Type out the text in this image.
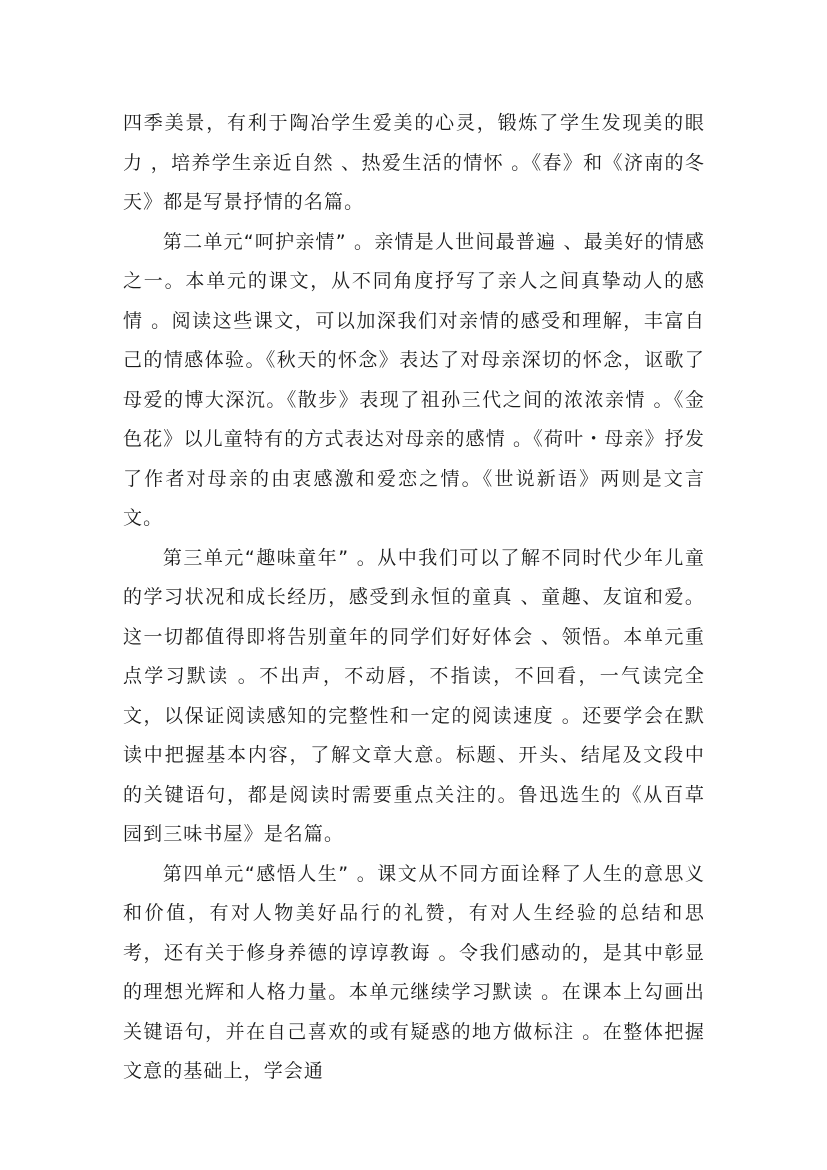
四季美景，有利于陶冶学生爱美的心灵，锻炼了学生发现美的眼力 ，培养学生亲近自然 、热爱生活的情怀 。《春》和《济南的冬天》都是写景抒情的名篇。

第二单元“呵护亲情” 。亲情是人世间最普遍 、最美好的情感之一。本单元的课文，从不同角度抒写了亲人之间真挚动人的感情 。阅读这些课文，可以加深我们对亲情的感受和理解，丰富自己的情感体验。《秋天的怀念》表达了对母亲深切的怀念，讴歌了母爱的博大深沉。《散步》表现了祖孙三代之间的浓浓亲情 。《金色花》以儿童特有的方式表达对母亲的感情 。《荷叶・母亲》抒发了作者对母亲的由衷感激和爱恋之情。《世说新语》两则是文言文。

第三单元“趣味童年” 。从中我们可以了解不同时代少年儿童的学习状况和成长经历，感受到永恒的童真 、童趣、友谊和爱。这一切都值得即将告别童年的同学们好好体会 、领悟。本单元重点学习默读 。不出声，不动唇，不指读，不回看，一气读完全文，以保证阅读感知的完整性和一定的阅读速度 。还要学会在默读中把握基本内容，了解文章大意。标题、开头、结尾及文段中的关键语句，都是阅读时需要重点关注的。鲁迅选生的《从百草园到三味书屋》是名篇。

第四单元“感悟人生” 。课文从不同方面诠释了人生的意思义和价值，有对人物美好品行的礼赞，有对人生经验的总结和思考，还有关于修身养德的谆谆教诲 。令我们感动的，是其中彰显的理想光辉和人格力量。本单元继续学习默读 。在课本上勾画出关键语句，并在自己喜欢的或有疑惑的地方做标注 。在整体把握文意的基础上，学会通
